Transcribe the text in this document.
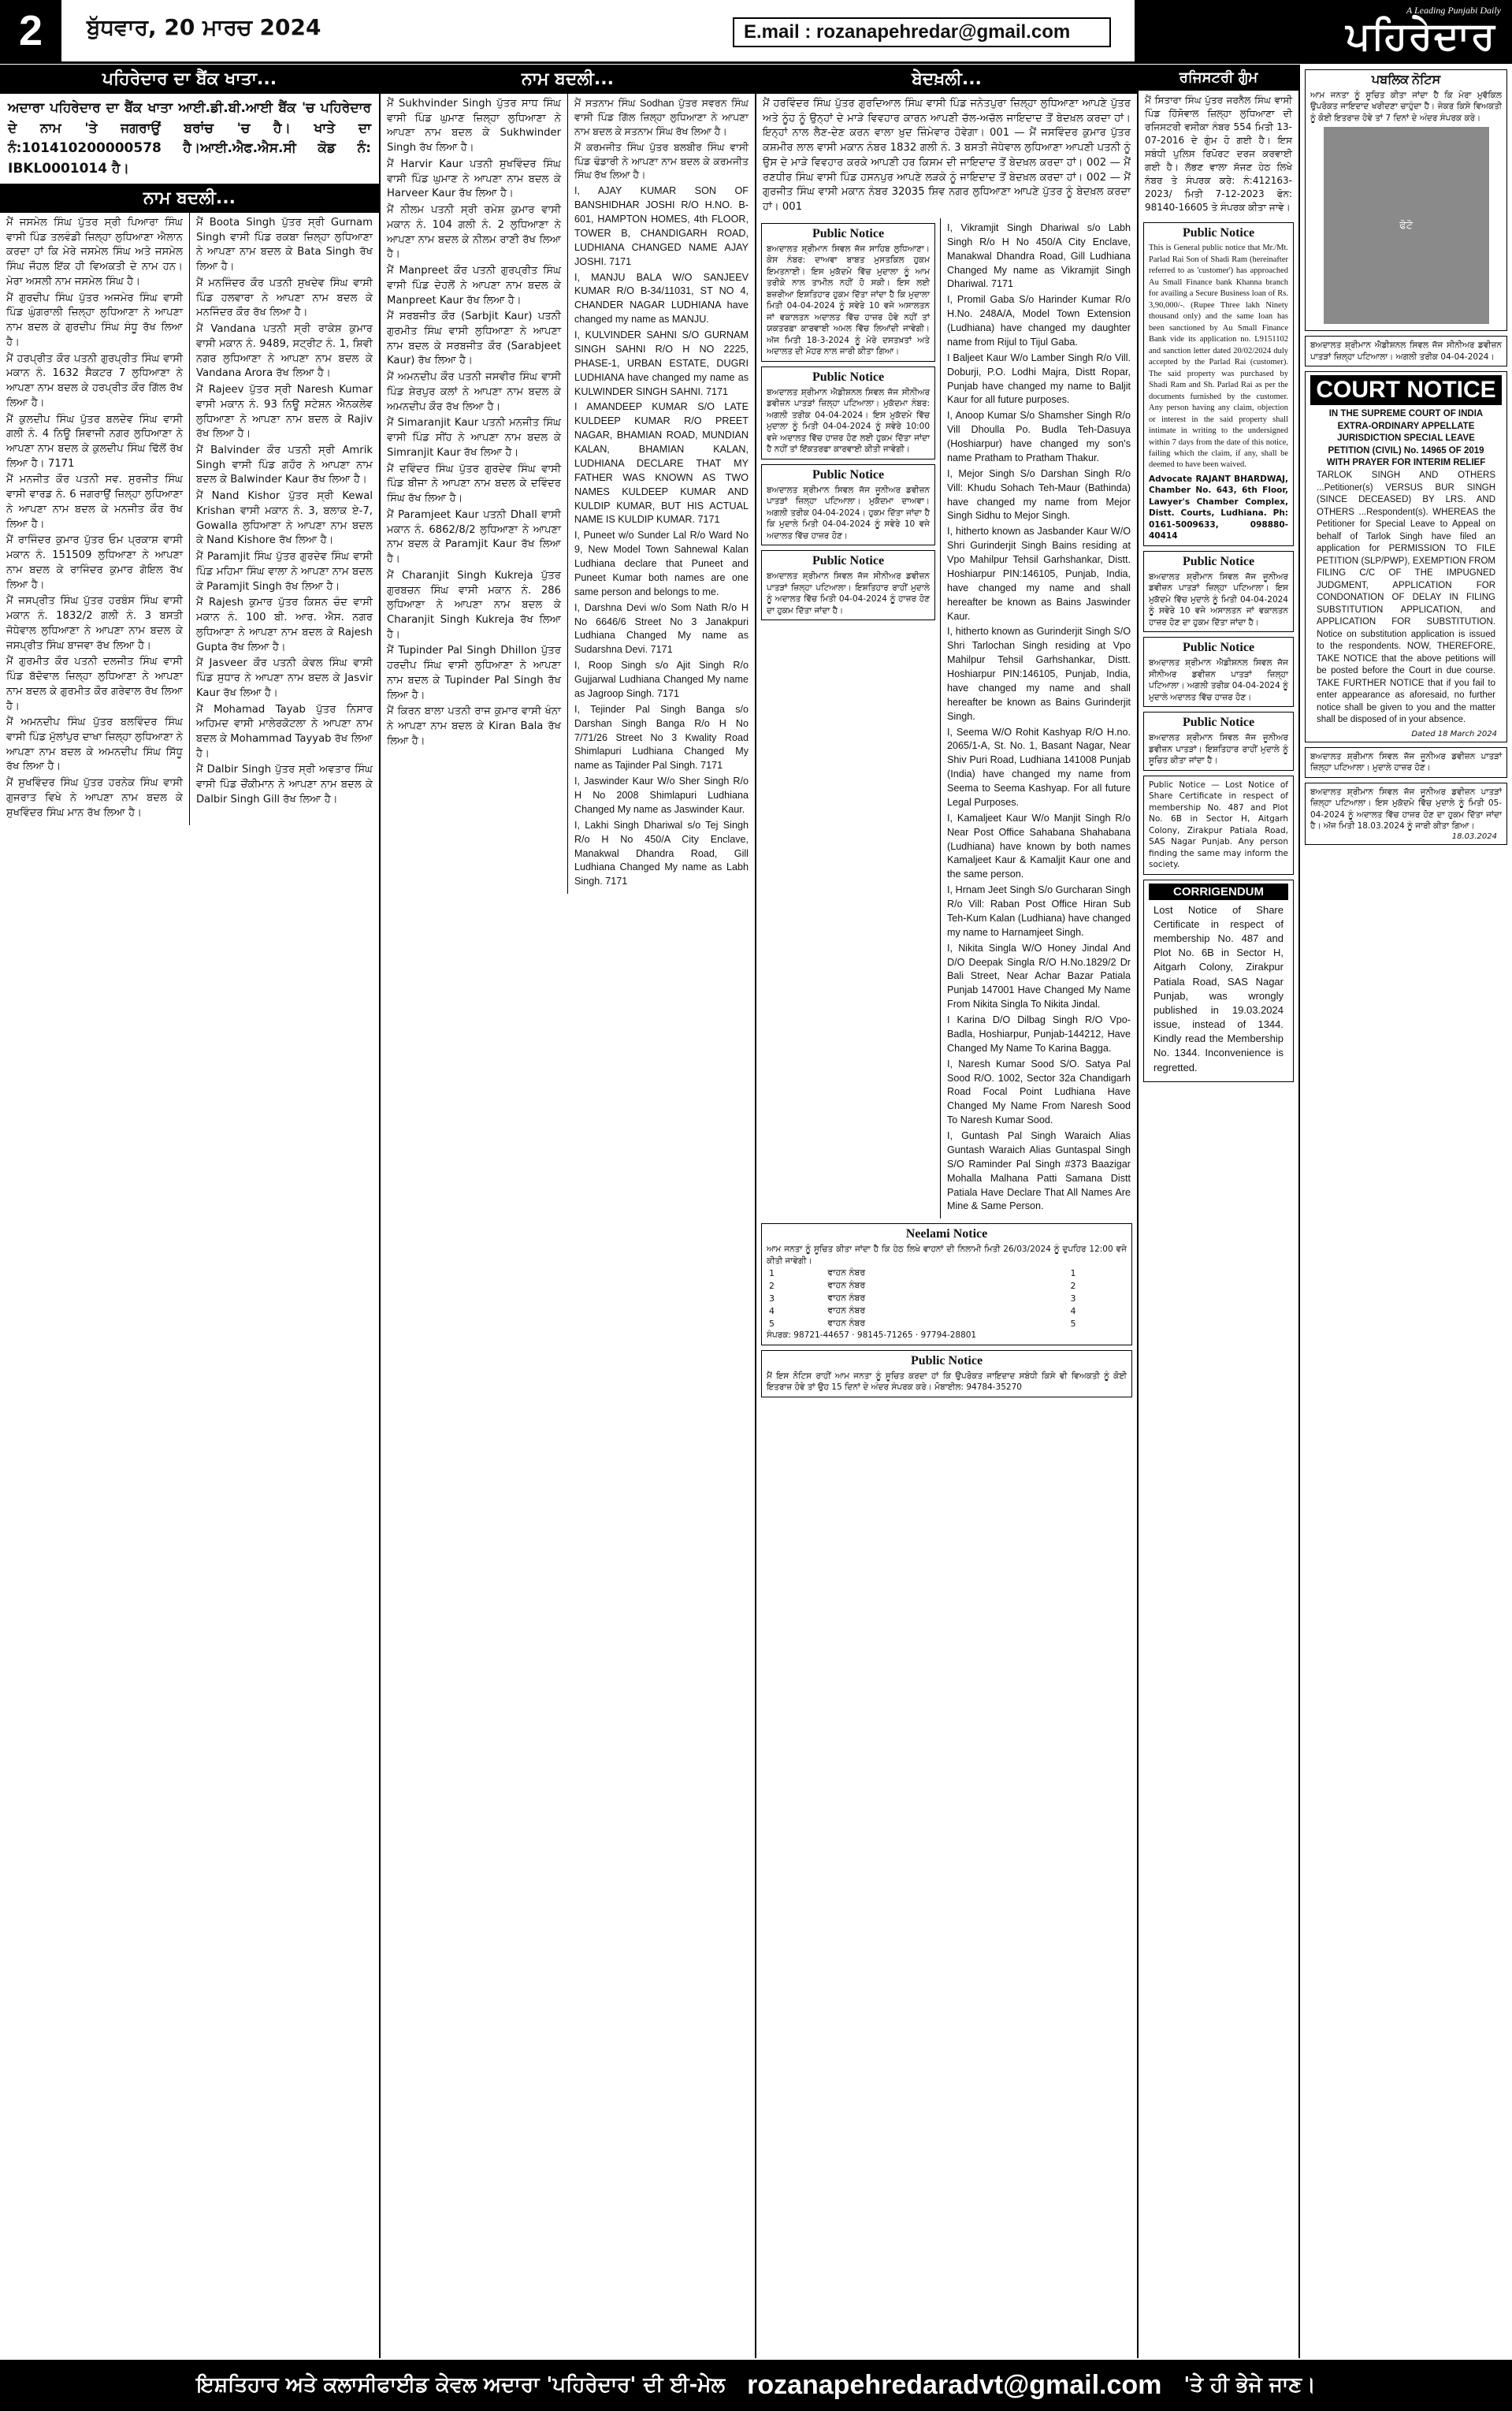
2	ਬੁੱਧਵਾਰ, 20 ਮਾਰਚ 2024	E.mail : rozanapehredar@gmail.com
A Leading Punjabi Daily
ਪਹਿਰੇਦਾਰ
ਪਹਿਰੇਦਾਰ ਦਾ ਬੈਂਕ ਖਾਤਾ...
ਅਦਾਰਾ ਪਹਿਰੇਦਾਰ ਦਾ ਬੈਂਕ ਖਾਤਾ ਆਈ.ਡੀ.ਬੀ.ਆਈ ਬੈਂਕ 'ਚ ਪਹਿਰੇਦਾਰ ਦੇ ਨਾਮ 'ਤੇ ਜਗਰਾਉਂ ਬਰਾਂਚ 'ਚ ਹੈ। ਖਾਤੇ ਦਾ ਨੰ:101410200000578 ਹੈ।ਆਈ.ਐਫ.ਐਸ.ਸੀ ਕੋਡ ਨੰ: IBKL0001014 ਹੈ।
ਨਾਮ ਬਦਲੀ...

ਮੈਂ ਜਸਮੇਲ ਸਿੰਘ ਪੁੱਤਰ ਸ੍ਰੀ ਪਿਆਰਾ ਸਿੰਘ ਵਾਸੀ ਪਿੰਡ ਤਲਵੰਡੀ ਜ਼ਿਲ੍ਹਾ ਲੁਧਿਆਣਾ ਐਲਾਨ ਕਰਦਾ ਹਾਂ ਕਿ ਮੇਰੇ ਜਸਮੇਲ ਸਿੰਘ ਅਤੇ ਜਸਮੇਲ ਸਿੰਘ ਜੌਹਲ ਇੱਕ ਹੀ ਵਿਅਕਤੀ ਦੇ ਨਾਮ ਹਨ। ਮੇਰਾ ਅਸਲੀ ਨਾਮ ਜਸਮੇਲ ਸਿੰਘ ਹੈ।

ਮੈਂ ਗੁਰਦੀਪ ਸਿੰਘ ਪੁੱਤਰ ਅਜਮੇਰ ਸਿੰਘ ਵਾਸੀ ਪਿੰਡ ਘੁੰਗਰਾਲੀ ਜ਼ਿਲ੍ਹਾ ਲੁਧਿਆਣਾ ਨੇ ਆਪਣਾ ਨਾਮ ਬਦਲ ਕੇ ਗੁਰਦੀਪ ਸਿੰਘ ਸੰਧੂ ਰੱਖ ਲਿਆ ਹੈ।

ਮੈਂ ਹਰਪ੍ਰੀਤ ਕੌਰ ਪਤਨੀ ਗੁਰਪ੍ਰੀਤ ਸਿੰਘ ਵਾਸੀ ਮਕਾਨ ਨੰ. 1632 ਸੈਕਟਰ 7 ਲੁਧਿਆਣਾ ਨੇ ਆਪਣਾ ਨਾਮ ਬਦਲ ਕੇ ਹਰਪ੍ਰੀਤ ਕੌਰ ਗਿੱਲ ਰੱਖ ਲਿਆ ਹੈ।

ਮੈਂ ਕੁਲਦੀਪ ਸਿੰਘ ਪੁੱਤਰ ਬਲਦੇਵ ਸਿੰਘ ਵਾਸੀ ਗਲੀ ਨੰ. 4 ਨਿਊ ਸ਼ਿਵਾਜੀ ਨਗਰ ਲੁਧਿਆਣਾ ਨੇ ਆਪਣਾ ਨਾਮ ਬਦਲ ਕੇ ਕੁਲਦੀਪ ਸਿੰਘ ਢਿੱਲੋਂ ਰੱਖ ਲਿਆ ਹੈ। 7171

ਮੈਂ ਮਨਜੀਤ ਕੌਰ ਪਤਨੀ ਸਵ. ਸੁਰਜੀਤ ਸਿੰਘ ਵਾਸੀ ਵਾਰਡ ਨੰ. 6 ਜਗਰਾਉਂ ਜ਼ਿਲ੍ਹਾ ਲੁਧਿਆਣਾ ਨੇ ਆਪਣਾ ਨਾਮ ਬਦਲ ਕੇ ਮਨਜੀਤ ਕੌਰ ਰੱਖ ਲਿਆ ਹੈ।

ਮੈਂ ਰਾਜਿੰਦਰ ਕੁਮਾਰ ਪੁੱਤਰ ਓਮ ਪ੍ਰਕਾਸ਼ ਵਾਸੀ ਮਕਾਨ ਨੰ. 151509 ਲੁਧਿਆਣਾ ਨੇ ਆਪਣਾ ਨਾਮ ਬਦਲ ਕੇ ਰਾਜਿੰਦਰ ਕੁਮਾਰ ਗੋਇਲ ਰੱਖ ਲਿਆ ਹੈ।

ਮੈਂ ਜਸਪ੍ਰੀਤ ਸਿੰਘ ਪੁੱਤਰ ਹਰਬੰਸ ਸਿੰਘ ਵਾਸੀ ਮਕਾਨ ਨੰ. 1832/2 ਗਲੀ ਨੰ. 3 ਬਸਤੀ ਜੋਧੇਵਾਲ ਲੁਧਿਆਣਾ ਨੇ ਆਪਣਾ ਨਾਮ ਬਦਲ ਕੇ ਜਸਪ੍ਰੀਤ ਸਿੰਘ ਬਾਜਵਾ ਰੱਖ ਲਿਆ ਹੈ।

ਮੈਂ ਗੁਰਮੀਤ ਕੌਰ ਪਤਨੀ ਦਲਜੀਤ ਸਿੰਘ ਵਾਸੀ ਪਿੰਡ ਬੱਦੋਵਾਲ ਜ਼ਿਲ੍ਹਾ ਲੁਧਿਆਣਾ ਨੇ ਆਪਣਾ ਨਾਮ ਬਦਲ ਕੇ ਗੁਰਮੀਤ ਕੌਰ ਗਰੇਵਾਲ ਰੱਖ ਲਿਆ ਹੈ।

ਮੈਂ ਅਮਨਦੀਪ ਸਿੰਘ ਪੁੱਤਰ ਬਲਵਿੰਦਰ ਸਿੰਘ ਵਾਸੀ ਪਿੰਡ ਮੁੱਲਾਂਪੁਰ ਦਾਖਾ ਜ਼ਿਲ੍ਹਾ ਲੁਧਿਆਣਾ ਨੇ ਆਪਣਾ ਨਾਮ ਬਦਲ ਕੇ ਅਮਨਦੀਪ ਸਿੰਘ ਸਿੱਧੂ ਰੱਖ ਲਿਆ ਹੈ।

ਮੈਂ ਸੁਖਵਿੰਦਰ ਸਿੰਘ ਪੁੱਤਰ ਹਰਨੇਕ ਸਿੰਘ ਵਾਸੀ ਗੁਜਰਾਤ ਵਿਖੇ ਨੇ ਆਪਣਾ ਨਾਮ ਬਦਲ ਕੇ ਸੁਖਵਿੰਦਰ ਸਿੰਘ ਮਾਨ ਰੱਖ ਲਿਆ ਹੈ।

ਮੈਂ Boota Singh ਪੁੱਤਰ ਸ੍ਰੀ Gurnam Singh ਵਾਸੀ ਪਿੰਡ ਰਕਬਾ ਜ਼ਿਲ੍ਹਾ ਲੁਧਿਆਣਾ ਨੇ ਆਪਣਾ ਨਾਮ ਬਦਲ ਕੇ Bata Singh ਰੱਖ ਲਿਆ ਹੈ।

ਮੈਂ ਮਨਜਿੰਦਰ ਕੌਰ ਪਤਨੀ ਸੁਖਦੇਵ ਸਿੰਘ ਵਾਸੀ ਪਿੰਡ ਹਲਵਾਰਾ ਨੇ ਆਪਣਾ ਨਾਮ ਬਦਲ ਕੇ ਮਨਜਿੰਦਰ ਕੌਰ ਰੱਖ ਲਿਆ ਹੈ।

ਮੈਂ Vandana ਪਤਨੀ ਸ੍ਰੀ ਰਾਕੇਸ਼ ਕੁਮਾਰ ਵਾਸੀ ਮਕਾਨ ਨੰ. 9489, ਸਟ੍ਰੀਟ ਨੰ. 1, ਸ਼ਿਵੀ ਨਗਰ ਲੁਧਿਆਣਾ ਨੇ ਆਪਣਾ ਨਾਮ ਬਦਲ ਕੇ Vandana Arora ਰੱਖ ਲਿਆ ਹੈ।

ਮੈਂ Rajeev ਪੁੱਤਰ ਸ੍ਰੀ Naresh Kumar ਵਾਸੀ ਮਕਾਨ ਨੰ. 93 ਨਿਊ ਸਟੇਸ਼ਨ ਐਨਕਲੇਵ ਲੁਧਿਆਣਾ ਨੇ ਆਪਣਾ ਨਾਮ ਬਦਲ ਕੇ Rajiv ਰੱਖ ਲਿਆ ਹੈ।

ਮੈਂ Balvinder ਕੌਰ ਪਤਨੀ ਸ੍ਰੀ Amrik Singh ਵਾਸੀ ਪਿੰਡ ਗਹੌਰ ਨੇ ਆਪਣਾ ਨਾਮ ਬਦਲ ਕੇ Balwinder Kaur ਰੱਖ ਲਿਆ ਹੈ।

ਮੈਂ Nand Kishor ਪੁੱਤਰ ਸ੍ਰੀ Kewal Krishan ਵਾਸੀ ਮਕਾਨ ਨੰ. 3, ਬਲਾਕ ਏ-7, Gowalla ਲੁਧਿਆਣਾ ਨੇ ਆਪਣਾ ਨਾਮ ਬਦਲ ਕੇ Nand Kishore ਰੱਖ ਲਿਆ ਹੈ।

ਮੈਂ Paramjit ਸਿੰਘ ਪੁੱਤਰ ਗੁਰਦੇਵ ਸਿੰਘ ਵਾਸੀ ਪਿੰਡ ਮਹਿਮਾ ਸਿੰਘ ਵਾਲਾ ਨੇ ਆਪਣਾ ਨਾਮ ਬਦਲ ਕੇ Paramjit Singh ਰੱਖ ਲਿਆ ਹੈ।

ਮੈਂ Rajesh ਕੁਮਾਰ ਪੁੱਤਰ ਕਿਸ਼ਨ ਚੰਦ ਵਾਸੀ ਮਕਾਨ ਨੰ. 100 ਬੀ. ਆਰ. ਐਸ. ਨਗਰ ਲੁਧਿਆਣਾ ਨੇ ਆਪਣਾ ਨਾਮ ਬਦਲ ਕੇ Rajesh Gupta ਰੱਖ ਲਿਆ ਹੈ।

ਮੈਂ Jasveer ਕੌਰ ਪਤਨੀ ਕੇਵਲ ਸਿੰਘ ਵਾਸੀ ਪਿੰਡ ਸੁਧਾਰ ਨੇ ਆਪਣਾ ਨਾਮ ਬਦਲ ਕੇ Jasvir Kaur ਰੱਖ ਲਿਆ ਹੈ।

ਮੈਂ Mohamad Tayab ਪੁੱਤਰ ਨਿਸਾਰ ਅਹਿਮਦ ਵਾਸੀ ਮਾਲੇਰਕੋਟਲਾ ਨੇ ਆਪਣਾ ਨਾਮ ਬਦਲ ਕੇ Mohammad Tayyab ਰੱਖ ਲਿਆ ਹੈ।

ਮੈਂ Dalbir Singh ਪੁੱਤਰ ਸ੍ਰੀ ਅਵਤਾਰ ਸਿੰਘ ਵਾਸੀ ਪਿੰਡ ਚੌਂਕੀਮਾਨ ਨੇ ਆਪਣਾ ਨਾਮ ਬਦਲ ਕੇ Dalbir Singh Gill ਰੱਖ ਲਿਆ ਹੈ।

ਨਾਮ ਬਦਲੀ...

ਮੈਂ Sukhvinder Singh ਪੁੱਤਰ ਸਾਧ ਸਿੰਘ ਵਾਸੀ ਪਿੰਡ ਘੁਮਾਣ ਜ਼ਿਲ੍ਹਾ ਲੁਧਿਆਣਾ ਨੇ ਆਪਣਾ ਨਾਮ ਬਦਲ ਕੇ Sukhwinder Singh ਰੱਖ ਲਿਆ ਹੈ।

ਮੈਂ Harvir Kaur ਪਤਨੀ ਸੁਖਵਿੰਦਰ ਸਿੰਘ ਵਾਸੀ ਪਿੰਡ ਘੁਮਾਣ ਨੇ ਆਪਣਾ ਨਾਮ ਬਦਲ ਕੇ Harveer Kaur ਰੱਖ ਲਿਆ ਹੈ।

ਮੈਂ ਨੀਲਮ ਪਤਨੀ ਸ੍ਰੀ ਰਮੇਸ਼ ਕੁਮਾਰ ਵਾਸੀ ਮਕਾਨ ਨੰ. 104 ਗਲੀ ਨੰ. 2 ਲੁਧਿਆਣਾ ਨੇ ਆਪਣਾ ਨਾਮ ਬਦਲ ਕੇ ਨੀਲਮ ਰਾਣੀ ਰੱਖ ਲਿਆ ਹੈ।

ਮੈਂ Manpreet ਕੌਰ ਪਤਨੀ ਗੁਰਪ੍ਰੀਤ ਸਿੰਘ ਵਾਸੀ ਪਿੰਡ ਦੇਹਲੋਂ ਨੇ ਆਪਣਾ ਨਾਮ ਬਦਲ ਕੇ Manpreet Kaur ਰੱਖ ਲਿਆ ਹੈ।

ਮੈਂ ਸਰਬਜੀਤ ਕੌਰ (Sarbjit Kaur) ਪਤਨੀ ਗੁਰਮੀਤ ਸਿੰਘ ਵਾਸੀ ਲੁਧਿਆਣਾ ਨੇ ਆਪਣਾ ਨਾਮ ਬਦਲ ਕੇ ਸਰਬਜੀਤ ਕੌਰ (Sarabjeet Kaur) ਰੱਖ ਲਿਆ ਹੈ।

ਮੈਂ ਅਮਨਦੀਪ ਕੌਰ ਪਤਨੀ ਜਸਵੀਰ ਸਿੰਘ ਵਾਸੀ ਪਿੰਡ ਸ਼ੇਰਪੁਰ ਕਲਾਂ ਨੇ ਆਪਣਾ ਨਾਮ ਬਦਲ ਕੇ ਅਮਨਦੀਪ ਕੌਰ ਰੱਖ ਲਿਆ ਹੈ।

ਮੈਂ Simaranjit Kaur ਪਤਨੀ ਮਨਜੀਤ ਸਿੰਘ ਵਾਸੀ ਪਿੰਡ ਸੀਂਹ ਨੇ ਆਪਣਾ ਨਾਮ ਬਦਲ ਕੇ Simranjit Kaur ਰੱਖ ਲਿਆ ਹੈ।

ਮੈਂ ਦਵਿੰਦਰ ਸਿੰਘ ਪੁੱਤਰ ਗੁਰਦੇਵ ਸਿੰਘ ਵਾਸੀ ਪਿੰਡ ਬੀਜਾ ਨੇ ਆਪਣਾ ਨਾਮ ਬਦਲ ਕੇ ਦਵਿੰਦਰ ਸਿੰਘ ਰੱਖ ਲਿਆ ਹੈ।

ਮੈਂ Paramjeet Kaur ਪਤਨੀ Dhall ਵਾਸੀ ਮਕਾਨ ਨੰ. 6862/8/2 ਲੁਧਿਆਣਾ ਨੇ ਆਪਣਾ ਨਾਮ ਬਦਲ ਕੇ Paramjit Kaur ਰੱਖ ਲਿਆ ਹੈ।

ਮੈਂ Charanjit Singh Kukreja ਪੁੱਤਰ ਗੁਰਬਚਨ ਸਿੰਘ ਵਾਸੀ ਮਕਾਨ ਨੰ. 286 ਲੁਧਿਆਣਾ ਨੇ ਆਪਣਾ ਨਾਮ ਬਦਲ ਕੇ Charanjit Singh Kukreja ਰੱਖ ਲਿਆ ਹੈ।

ਮੈਂ Tupinder Pal Singh Dhillon ਪੁੱਤਰ ਹਰਦੀਪ ਸਿੰਘ ਵਾਸੀ ਲੁਧਿਆਣਾ ਨੇ ਆਪਣਾ ਨਾਮ ਬਦਲ ਕੇ Tupinder Pal Singh ਰੱਖ ਲਿਆ ਹੈ।

ਮੈਂ ਕਿਰਨ ਬਾਲਾ ਪਤਨੀ ਰਾਜ ਕੁਮਾਰ ਵਾਸੀ ਖੰਨਾ ਨੇ ਆਪਣਾ ਨਾਮ ਬਦਲ ਕੇ Kiran Bala ਰੱਖ ਲਿਆ ਹੈ।

ਮੈਂ ਸਤਨਾਮ ਸਿੰਘ Sodhan ਪੁੱਤਰ ਸਵਰਨ ਸਿੰਘ ਵਾਸੀ ਪਿੰਡ ਗਿੱਲ ਜ਼ਿਲ੍ਹਾ ਲੁਧਿਆਣਾ ਨੇ ਆਪਣਾ ਨਾਮ ਬਦਲ ਕੇ ਸਤਨਾਮ ਸਿੰਘ ਰੱਖ ਲਿਆ ਹੈ।

ਮੈਂ ਕਰਮਜੀਤ ਸਿੰਘ ਪੁੱਤਰ ਬਲਬੀਰ ਸਿੰਘ ਵਾਸੀ ਪਿੰਡ ਢੰਡਾਰੀ ਨੇ ਆਪਣਾ ਨਾਮ ਬਦਲ ਕੇ ਕਰਮਜੀਤ ਸਿੰਘ ਰੱਖ ਲਿਆ ਹੈ।

I, AJAY KUMAR SON OF BANSHIDHAR JOSHI R/O H.NO. B-601, HAMPTON HOMES, 4th FLOOR, TOWER B, CHANDIGARH ROAD, LUDHIANA CHANGED NAME AJAY JOSHI. 7171

I, MANJU BALA W/O SANJEEV KUMAR R/O B-34/11031, ST NO 4, CHANDER NAGAR LUDHIANA have changed my name as MANJU.

I, KULVINDER SAHNI S/O GURNAM SINGH SAHNI R/O H NO 2225, PHASE-1, URBAN ESTATE, DUGRI LUDHIANA have changed my name as KULWINDER SINGH SAHNI. 7171

I AMANDEEP KUMAR S/O LATE KULDEEP KUMAR R/O PREET NAGAR, BHAMIAN ROAD, MUNDIAN KALAN, BHAMIAN KALAN, LUDHIANA DECLARE THAT MY FATHER WAS KNOWN AS TWO NAMES KULDEEP KUMAR AND KULDIP KUMAR, BUT HIS ACTUAL NAME IS KULDIP KUMAR. 7171

I, Puneet w/o Sunder Lal R/o Ward No 9, New Model Town Sahnewal Kalan Ludhiana declare that Puneet and Puneet Kumar both names are one same person and belongs to me.

I, Darshna Devi w/o Som Nath R/o H No 6646/6 Street No 3 Janakpuri Ludhiana Changed My name as Sudarshna Devi. 7171

I, Roop Singh s/o Ajit Singh R/o Gujjarwal Ludhiana Changed My name as Jagroop Singh. 7171

I, Tejinder Pal Singh Banga s/o Darshan Singh Banga R/o H No 7/71/26 Street No 3 Kwality Road Shimlapuri Ludhiana Changed My name as Tajinder Pal Singh. 7171

I, Jaswinder Kaur W/o Sher Singh R/o H No 2008 Shimlapuri Ludhiana Changed My name as Jaswinder Kaur.

I, Lakhi Singh Dhariwal s/o Tej Singh R/o H No 450/A City Enclave, Manakwal Dhandra Road, Gill Ludhiana Changed My name as Labh Singh. 7171

ਬੇਦਖ਼ਲੀ...
ਮੈਂ ਹਰਵਿੰਦਰ ਸਿੰਘ ਪੁੱਤਰ ਗੁਰਦਿਆਲ ਸਿੰਘ ਵਾਸੀ ਪਿੰਡ ਜਨੇਤਪੁਰਾ ਜ਼ਿਲ੍ਹਾ ਲੁਧਿਆਣਾ ਆਪਣੇ ਪੁੱਤਰ ਅਤੇ ਨੂੰਹ ਨੂੰ ਉਨ੍ਹਾਂ ਦੇ ਮਾੜੇ ਵਿਵਹਾਰ ਕਾਰਨ ਆਪਣੀ ਚੱਲ-ਅਚੱਲ ਜਾਇਦਾਦ ਤੋਂ ਬੇਦਖ਼ਲ ਕਰਦਾ ਹਾਂ। ਇਨ੍ਹਾਂ ਨਾਲ ਲੈਣ-ਦੇਣ ਕਰਨ ਵਾਲਾ ਖ਼ੁਦ ਜ਼ਿੰਮੇਵਾਰ ਹੋਵੇਗਾ। 001 — ਮੈਂ ਜਸਵਿੰਦਰ ਕੁਮਾਰ ਪੁੱਤਰ ਕਸ਼ਮੀਰ ਲਾਲ ਵਾਸੀ ਮਕਾਨ ਨੰਬਰ 1832 ਗਲੀ ਨੰ. 3 ਬਸਤੀ ਜੋਧੇਵਾਲ ਲੁਧਿਆਣਾ ਆਪਣੀ ਪਤਨੀ ਨੂੰ ਉਸ ਦੇ ਮਾੜੇ ਵਿਵਹਾਰ ਕਰਕੇ ਆਪਣੀ ਹਰ ਕਿਸਮ ਦੀ ਜਾਇਦਾਦ ਤੋਂ ਬੇਦਖ਼ਲ ਕਰਦਾ ਹਾਂ। 002 — ਮੈਂ ਰਣਧੀਰ ਸਿੰਘ ਵਾਸੀ ਪਿੰਡ ਹਸਨਪੁਰ ਆਪਣੇ ਲੜਕੇ ਨੂੰ ਜਾਇਦਾਦ ਤੋਂ ਬੇਦਖ਼ਲ ਕਰਦਾ ਹਾਂ। 002 — ਮੈਂ ਗੁਰਜੀਤ ਸਿੰਘ ਵਾਸੀ ਮਕਾਨ ਨੰਬਰ 32035 ਸ਼ਿਵ ਨਗਰ ਲੁਧਿਆਣਾ ਆਪਣੇ ਪੁੱਤਰ ਨੂੰ ਬੇਦਖ਼ਲ ਕਰਦਾ ਹਾਂ। 001
Public Notice
ਬਅਦਾਲਤ ਸ਼੍ਰੀਮਾਨ ਸਿਵਲ ਜੱਜ ਸਾਹਿਬ ਲੁਧਿਆਣਾ। ਕੇਸ ਨੰਬਰ: ਦਾਅਵਾ ਬਾਬਤ ਮੁਸਤਕਿਲ ਹੁਕਮ ਇਮਤਨਾਈ। ਇਸ ਮੁਕੱਦਮੇ ਵਿੱਚ ਮੁਦਾਲਾ ਨੂੰ ਆਮ ਤਰੀਕੇ ਨਾਲ ਤਾਮੀਲ ਨਹੀਂ ਹੋ ਸਕੀ। ਇਸ ਲਈ ਬਜ਼ਰੀਆ ਇਸ਼ਤਿਹਾਰ ਹੁਕਮ ਦਿੱਤਾ ਜਾਂਦਾ ਹੈ ਕਿ ਮੁਦਾਲਾ ਮਿਤੀ 04-04-2024 ਨੂੰ ਸਵੇਰੇ 10 ਵਜੇ ਅਸਾਲਤਨ ਜਾਂ ਵਕਾਲਤਨ ਅਦਾਲਤ ਵਿੱਚ ਹਾਜ਼ਰ ਹੋਵੇ ਨਹੀਂ ਤਾਂ ਯਕਤਰਫ਼ਾ ਕਾਰਵਾਈ ਅਮਲ ਵਿੱਚ ਲਿਆਂਦੀ ਜਾਵੇਗੀ। ਅੱਜ ਮਿਤੀ 18-3-2024 ਨੂੰ ਮੇਰੇ ਦਸਤਖ਼ਤਾਂ ਅਤੇ ਅਦਾਲਤ ਦੀ ਮੋਹਰ ਨਾਲ ਜਾਰੀ ਕੀਤਾ ਗਿਆ।
Public Notice
ਬਅਦਾਲਤ ਸ਼੍ਰੀਮਾਨ ਐਡੀਸ਼ਨਲ ਸਿਵਲ ਜੱਜ ਸੀਨੀਅਰ ਡਵੀਜ਼ਨ ਪਾਤੜਾਂ ਜ਼ਿਲ੍ਹਾ ਪਟਿਆਲਾ। ਮੁਕੱਦਮਾ ਨੰਬਰ: ਅਗਲੀ ਤਰੀਕ 04-04-2024। ਇਸ ਮੁਕੱਦਮੇ ਵਿੱਚ ਮੁਦਾਲਾ ਨੂੰ ਮਿਤੀ 04-04-2024 ਨੂੰ ਸਵੇਰੇ 10:00 ਵਜੇ ਅਦਾਲਤ ਵਿੱਚ ਹਾਜ਼ਰ ਹੋਣ ਲਈ ਹੁਕਮ ਦਿੱਤਾ ਜਾਂਦਾ ਹੈ ਨਹੀਂ ਤਾਂ ਇੱਕਤਰਫਾ ਕਾਰਵਾਈ ਕੀਤੀ ਜਾਵੇਗੀ।
Public Notice
ਬਅਦਾਲਤ ਸ਼੍ਰੀਮਾਨ ਸਿਵਲ ਜੱਜ ਜੂਨੀਅਰ ਡਵੀਜ਼ਨ ਪਾਤੜਾਂ ਜ਼ਿਲ੍ਹਾ ਪਟਿਆਲਾ। ਮੁਕੱਦਮਾ ਦਾਅਵਾ। ਅਗਲੀ ਤਰੀਕ 04-04-2024। ਹੁਕਮ ਦਿੱਤਾ ਜਾਂਦਾ ਹੈ ਕਿ ਮੁਦਾਲੇ ਮਿਤੀ 04-04-2024 ਨੂੰ ਸਵੇਰੇ 10 ਵਜੇ ਅਦਾਲਤ ਵਿੱਚ ਹਾਜ਼ਰ ਹੋਣ।
Public Notice
ਬਅਦਾਲਤ ਸ਼੍ਰੀਮਾਨ ਸਿਵਲ ਜੱਜ ਸੀਨੀਅਰ ਡਵੀਜ਼ਨ ਪਾਤੜਾਂ ਜ਼ਿਲ੍ਹਾ ਪਟਿਆਲਾ। ਇਸ਼ਤਿਹਾਰ ਰਾਹੀਂ ਮੁਦਾਲੇ ਨੂੰ ਅਦਾਲਤ ਵਿੱਚ ਮਿਤੀ 04-04-2024 ਨੂੰ ਹਾਜ਼ਰ ਹੋਣ ਦਾ ਹੁਕਮ ਦਿੱਤਾ ਜਾਂਦਾ ਹੈ।

I, Vikramjit Singh Dhariwal s/o Labh Singh R/o H No 450/A City Enclave, Manakwal Dhandra Road, Gill Ludhiana Changed My name as Vikramjit Singh Dhariwal. 7171

I, Promil Gaba S/o Harinder Kumar R/o H.No. 248A/A, Model Town Extension (Ludhiana) have changed my daughter name from Rijul to Tijul Gaba.

I Baljeet Kaur W/o Lamber Singh R/o Vill. Doburji, P.O. Lodhi Majra, Distt Ropar, Punjab have changed my name to Baljit Kaur for all future purposes.

I, Anoop Kumar S/o Shamsher Singh R/o Vill Dhoulla Po. Budla Teh-Dasuya (Hoshiarpur) have changed my son's name Pratham to Pratham Thakur.

I, Mejor Singh S/o Darshan Singh R/o Vill: Khudu Sohach Teh-Maur (Bathinda) have changed my name from Mejor Singh Sidhu to Mejor Singh.

I, hitherto known as Jasbander Kaur W/O Shri Gurinderjit Singh Bains residing at Vpo Mahilpur Tehsil Garhshankar, Distt. Hoshiarpur PIN:146105, Punjab, India, have changed my name and shall hereafter be known as Bains Jaswinder Kaur.

I, hitherto known as Gurinderjit Singh S/O Shri Tarlochan Singh residing at Vpo Mahilpur Tehsil Garhshankar, Distt. Hoshiarpur PIN:146105, Punjab, India, have changed my name and shall hereafter be known as Bains Gurinderjit Singh.

I, Seema W/O Rohit Kashyap R/O H.no. 2065/1-A, St. No. 1, Basant Nagar, Near Shiv Puri Road, Ludhiana 141008 Punjab (India) have changed my name from Seema to Seema Kashyap. For all future Legal Purposes.

I, Kamaljeet Kaur W/o Manjit Singh R/o Near Post Office Sahabana Shahabana (Ludhiana) have known by both names Kamaljeet Kaur & Kamaljit Kaur one and the same person.

I, Hrnam Jeet Singh S/o Gurcharan Singh R/o Vill: Raban Post Office Hiran Sub Teh-Kum Kalan (Ludhiana) have changed my name to Harnamjeet Singh.

I, Nikita Singla W/O Honey Jindal And D/O Deepak Singla R/O H.No.1829/2 Dr Bali Street, Near Achar Bazar Patiala Punjab 147001 Have Changed My Name From Nikita Singla To Nikita Jindal.

I Karina D/O Dilbag Singh R/O Vpo-Badla, Hoshiarpur, Punjab-144212, Have Changed My Name To Karina Bagga.

I, Naresh Kumar Sood S/O. Satya Pal Sood R/O. 1002, Sector 32a Chandigarh Road Focal Point Ludhiana Have Changed My Name From Naresh Sood To Naresh Kumar Sood.

I, Guntash Pal Singh Waraich Alias Guntash Waraich Alias Guntaspal Singh S/O Raminder Pal Singh #373 Baazigar Mohalla Malhana Patti Samana Distt Patiala Have Declare That All Names Are Mine & Same Person.

Neelami Notice
ਆਮ ਜਨਤਾ ਨੂੰ ਸੂਚਿਤ ਕੀਤਾ ਜਾਂਦਾ ਹੈ ਕਿ ਹੇਠ ਲਿਖੇ ਵਾਹਨਾਂ ਦੀ ਨਿਲਾਮੀ ਮਿਤੀ 26/03/2024 ਨੂੰ ਦੁਪਹਿਰ 12:00 ਵਜੇ ਕੀਤੀ ਜਾਵੇਗੀ।
1	ਵਾਹਨ ਨੰਬਰ	1
2	ਵਾਹਨ ਨੰਬਰ	2
3	ਵਾਹਨ ਨੰਬਰ	3
4	ਵਾਹਨ ਨੰਬਰ	4
5	ਵਾਹਨ ਨੰਬਰ	5
ਸੰਪਰਕ: 98721-44657 · 98145-71265 · 97794-28801
Public Notice
ਮੈਂ ਇਸ ਨੋਟਿਸ ਰਾਹੀਂ ਆਮ ਜਨਤਾ ਨੂੰ ਸੂਚਿਤ ਕਰਦਾ ਹਾਂ ਕਿ ਉਪਰੋਕਤ ਜਾਇਦਾਦ ਸਬੰਧੀ ਕਿਸੇ ਵੀ ਵਿਅਕਤੀ ਨੂੰ ਕੋਈ ਇਤਰਾਜ਼ ਹੋਵੇ ਤਾਂ ਉਹ 15 ਦਿਨਾਂ ਦੇ ਅੰਦਰ ਸੰਪਰਕ ਕਰੇ। ਮੋਬਾਈਲ: 94784-35270
ਰਜਿਸਟਰੀ ਗੁੰਮ
ਮੈਂ ਸਿਤਾਰਾ ਸਿੰਘ ਪੁੱਤਰ ਜਰਨੈਲ ਸਿੰਘ ਵਾਸੀ ਪਿੰਡ ਹਿੱਸੋਵਾਲ ਜ਼ਿਲ੍ਹਾ ਲੁਧਿਆਣਾ ਦੀ ਰਜਿਸਟਰੀ ਵਸੀਕਾ ਨੰਬਰ 554 ਮਿਤੀ 13-07-2016 ਦੇ ਗੁੰਮ ਹੋ ਗਈ ਹੈ। ਇਸ ਸਬੰਧੀ ਪੁਲਿਸ ਰਿਪੋਰਟ ਦਰਜ ਕਰਵਾਈ ਗਈ ਹੈ। ਲੱਭਣ ਵਾਲਾ ਸੱਜਣ ਹੇਠ ਲਿਖੇ ਨੰਬਰ ਤੇ ਸੰਪਰਕ ਕਰੇ: ਨੰ:412163-2023/ ਮਿਤੀ 7-12-2023 ਫੋਨ: 98140-16605 ਤੇ ਸੰਪਰਕ ਕੀਤਾ ਜਾਵੇ।
Public Notice
This is General public notice that Mr./Mt. Parlad Rai Son of Shadi Ram (hereinafter referred to as 'customer') has approached Au Small Finance bank Khanna branch for availing a Secure Business loan of Rs. 3,90,000/-. (Rupee Three lakh Ninety thousand only) and the same loan has been sanctioned by Au Small Finance Bank vide its application no. L9151102 and sanction letter dated 20/02/2024 duly accepted by the Parlad Rai (customer). The said property was purchased by Shadi Ram and Sh. Parlad Rai as per the documents furnished by the customer. Any person having any claim, objection or interest in the said property shall intimate in writing to the undersigned within 7 days from the date of this notice, failing which the claim, if any, shall be deemed to have been waived.
Advocate RAJANT BHARDWAJ, Chamber No. 643, 6th Floor, Lawyer's Chamber Complex, Distt. Courts, Ludhiana. Ph: 0161-5009633, 098880-40414
Public Notice
ਬਅਦਾਲਤ ਸ਼੍ਰੀਮਾਨ ਸਿਵਲ ਜੱਜ ਜੂਨੀਅਰ ਡਵੀਜ਼ਨ ਪਾਤੜਾਂ ਜ਼ਿਲ੍ਹਾ ਪਟਿਆਲਾ। ਇਸ ਮੁਕੱਦਮੇ ਵਿੱਚ ਮੁਦਾਲੇ ਨੂੰ ਮਿਤੀ 04-04-2024 ਨੂੰ ਸਵੇਰੇ 10 ਵਜੇ ਅਸਾਲਤਨ ਜਾਂ ਵਕਾਲਤਨ ਹਾਜ਼ਰ ਹੋਣ ਦਾ ਹੁਕਮ ਦਿੱਤਾ ਜਾਂਦਾ ਹੈ।
Public Notice
ਬਅਦਾਲਤ ਸ਼੍ਰੀਮਾਨ ਐਡੀਸ਼ਨਲ ਸਿਵਲ ਜੱਜ ਸੀਨੀਅਰ ਡਵੀਜ਼ਨ ਪਾਤੜਾਂ ਜ਼ਿਲ੍ਹਾ ਪਟਿਆਲਾ। ਅਗਲੀ ਤਰੀਕ 04-04-2024 ਨੂੰ ਮੁਦਾਲੇ ਅਦਾਲਤ ਵਿੱਚ ਹਾਜ਼ਰ ਹੋਣ।
Public Notice
ਬਅਦਾਲਤ ਸ਼੍ਰੀਮਾਨ ਸਿਵਲ ਜੱਜ ਜੂਨੀਅਰ ਡਵੀਜ਼ਨ ਪਾਤੜਾਂ। ਇਸ਼ਤਿਹਾਰ ਰਾਹੀਂ ਮੁਦਾਲੇ ਨੂੰ ਸੂਚਿਤ ਕੀਤਾ ਜਾਂਦਾ ਹੈ।
Public Notice — Lost Notice of Share Certificate in respect of membership No. 487 and Plot No. 6B in Sector H, Aitgarh Colony, Zirakpur Patiala Road, SAS Nagar Punjab. Any person finding the same may inform the society.
CORRIGENDUM
Lost Notice of Share Certificate in respect of membership No. 487 and Plot No. 6B in Sector H, Aitgarh Colony, Zirakpur Patiala Road, SAS Nagar Punjab, was wrongly published in 19.03.2024 issue, instead of 1344. Kindly read the Membership No. 1344. Inconvenience is regretted.
ਪਬਲਿਕ ਨੋਟਿਸ
ਆਮ ਜਨਤਾ ਨੂੰ ਸੂਚਿਤ ਕੀਤਾ ਜਾਂਦਾ ਹੈ ਕਿ ਮੇਰਾ ਮੁਵੱਕਿਲ ਉਪਰੋਕਤ ਜਾਇਦਾਦ ਖਰੀਦਣਾ ਚਾਹੁੰਦਾ ਹੈ। ਜੇਕਰ ਕਿਸੇ ਵਿਅਕਤੀ ਨੂੰ ਕੋਈ ਇਤਰਾਜ਼ ਹੋਵੇ ਤਾਂ 7 ਦਿਨਾਂ ਦੇ ਅੰਦਰ ਸੰਪਰਕ ਕਰੇ।
ਫੋਟੋ
ਬਅਦਾਲਤ ਸ਼੍ਰੀਮਾਨ ਐਡੀਸ਼ਨਲ ਸਿਵਲ ਜੱਜ ਸੀਨੀਅਰ ਡਵੀਜ਼ਨ ਪਾਤੜਾਂ ਜ਼ਿਲ੍ਹਾ ਪਟਿਆਲਾ। ਅਗਲੀ ਤਰੀਕ 04-04-2024।
COURT NOTICE
IN THE SUPREME COURT OF INDIA EXTRA-ORDINARY APPELLATE JURISDICTION SPECIAL LEAVE PETITION (CIVIL) No. 14965 OF 2019 WITH PRAYER FOR INTERIM RELIEF
TARLOK SINGH AND OTHERS ...Petitioner(s) VERSUS BUR SINGH (SINCE DECEASED) BY LRS. AND OTHERS ...Respondent(s). WHEREAS the Petitioner for Special Leave to Appeal on behalf of Tarlok Singh have filed an application for PERMISSION TO FILE PETITION (SLP/PWP), EXEMPTION FROM FILING C/C OF THE IMPUGNED JUDGMENT, APPLICATION FOR CONDONATION OF DELAY IN FILING SUBSTITUTION APPLICATION, and APPLICATION FOR SUBSTITUTION. Notice on substitution application is issued to the respondents. NOW, THEREFORE, TAKE NOTICE that the above petitions will be posted before the Court in due course. TAKE FURTHER NOTICE that if you fail to enter appearance as aforesaid, no further notice shall be given to you and the matter shall be disposed of in your absence.
Dated 18 March 2024
ਬਅਦਾਲਤ ਸ਼੍ਰੀਮਾਨ ਸਿਵਲ ਜੱਜ ਜੂਨੀਅਰ ਡਵੀਜ਼ਨ ਪਾਤੜਾਂ ਜ਼ਿਲ੍ਹਾ ਪਟਿਆਲਾ। ਮੁਦਾਲੇ ਹਾਜ਼ਰ ਹੋਣ।
ਬਅਦਾਲਤ ਸ਼੍ਰੀਮਾਨ ਸਿਵਲ ਜੱਜ ਜੂਨੀਅਰ ਡਵੀਜ਼ਨ ਪਾਤੜਾਂ ਜ਼ਿਲ੍ਹਾ ਪਟਿਆਲਾ। ਇਸ ਮੁਕੱਦਮੇ ਵਿੱਚ ਮੁਦਾਲੇ ਨੂੰ ਮਿਤੀ 05-04-2024 ਨੂੰ ਅਦਾਲਤ ਵਿੱਚ ਹਾਜ਼ਰ ਹੋਣ ਦਾ ਹੁਕਮ ਦਿੱਤਾ ਜਾਂਦਾ ਹੈ। ਅੱਜ ਮਿਤੀ 18.03.2024 ਨੂੰ ਜਾਰੀ ਕੀਤਾ ਗਿਆ।
18.03.2024
ਇਸ਼ਤਿਹਾਰ ਅਤੇ ਕਲਾਸੀਫਾਈਡ ਕੇਵਲ ਅਦਾਰਾ 'ਪਹਿਰੇਦਾਰ' ਦੀ ਈ-ਮੇਲ rozanapehredaradvt@gmail.com 'ਤੇ ਹੀ ਭੇਜੇ ਜਾਣ।
